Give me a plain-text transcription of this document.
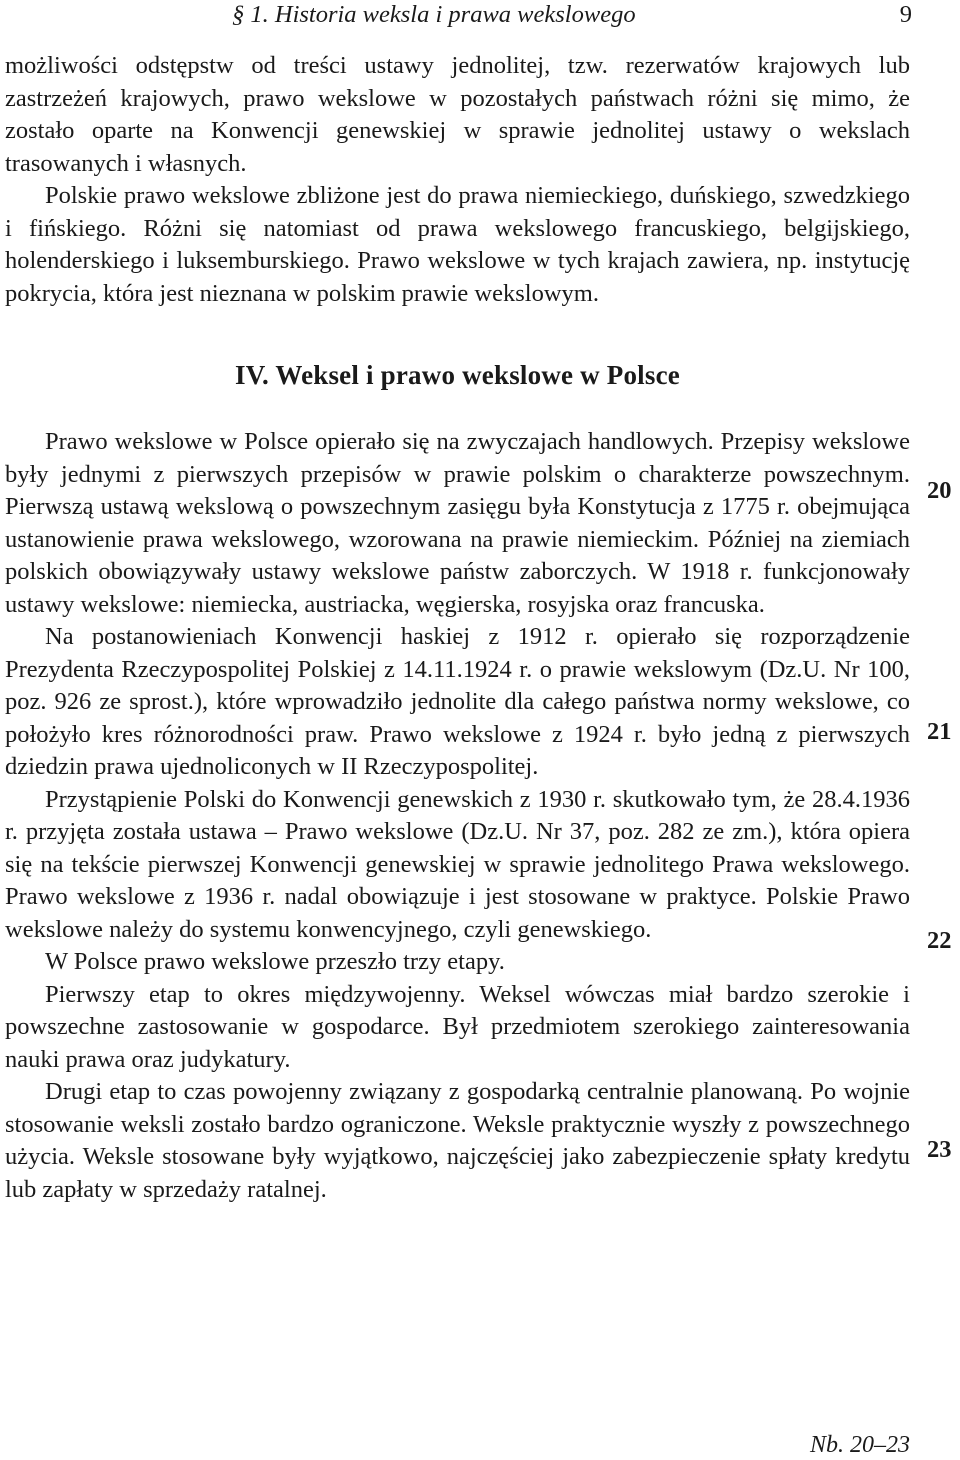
§ 1. Historia weksla i prawa wekslowego	9

możliwości odstępstw od treści ustawy jednolitej, tzw. rezerwatów krajowych lub zastrzeżeń krajowych, prawo wekslowe w pozostałych państwach różni się mimo, że zostało oparte na Konwencji genewskiej w sprawie jednolitej ustawy o wekslach trasowanych i własnych.

Polskie prawo wekslowe zbliżone jest do prawa niemieckiego, duńskiego, szwedzkiego i fińskiego. Różni się natomiast od prawa wekslowego francuskiego, belgijskiego, holenderskiego i luksemburskiego. Prawo wekslowe w tych krajach zawiera, np. instytucję pokrycia, która jest nieznana w polskim prawie wekslowym.

IV. Weksel i prawo wekslowe w Polsce

Prawo wekslowe w Polsce opierało się na zwyczajach handlowych. Przepisy wekslowe były jednymi z pierwszych przepisów w prawie polskim o charakterze powszechnym. Pierwszą ustawą wekslową o powszechnym zasięgu była Konstytucja z 1775 r. obejmująca ustanowienie prawa wekslowego, wzorowana na prawie niemieckim. Później na ziemiach polskich obowiązywały ustawy wekslowe państw zaborczych. W 1918 r. funkcjonowały ustawy wekslowe: niemiecka, austriacka, węgierska, rosyjska oraz francuska.

Na postanowieniach Konwencji haskiej z 1912 r. opierało się rozporządzenie Prezydenta Rzeczypospolitej Polskiej z 14.11.1924 r. o prawie wekslowym (Dz.U. Nr 100, poz. 926 ze sprost.), które wprowadziło jednolite dla całego państwa normy wekslowe, co położyło kres różnorodności praw. Prawo wekslowe z 1924 r. było jedną z pierwszych dziedzin prawa ujednoliconych w II Rzeczypospolitej.

Przystąpienie Polski do Konwencji genewskich z 1930 r. skutkowało tym, że 28.4.1936 r. przyjęta została ustawa – Prawo wekslowe (Dz.U. Nr 37, poz. 282 ze zm.), która opiera się na tekście pierwszej Konwencji genewskiej w sprawie jednolitego Prawa wekslowego. Prawo wekslowe z 1936 r. nadal obowiązuje i jest stosowane w praktyce. Polskie Prawo wekslowe należy do systemu konwencyjnego, czyli genewskiego.

W Polsce prawo wekslowe przeszło trzy etapy.

Pierwszy etap to okres międzywojenny. Weksel wówczas miał bardzo szerokie i powszechne zastosowanie w gospodarce. Był przedmiotem szerokiego zainteresowania nauki prawa oraz judykatury.

Drugi etap to czas powojenny związany z gospodarką centralnie planowaną. Po wojnie stosowanie weksli zostało bardzo ograniczone. Weksle praktycznie wyszły z powszechnego użycia. Weksle stosowane były wyjątkowo, najczęściej jako zabezpieczenie spłaty kredytu lub zapłaty w sprzedaży ratalnej.

20
21
22
23
Nb. 20–23
